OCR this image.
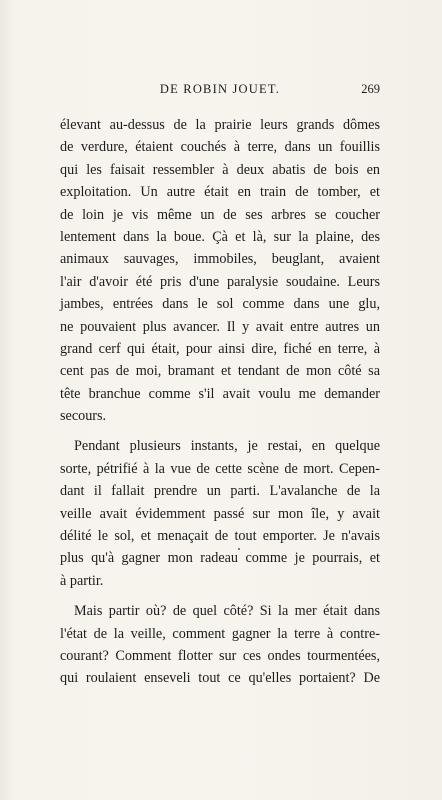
DE ROBIN JOUET.	269
élevant au-dessus de la prairie leurs grands dômes
de verdure, étaient couchés à terre, dans un fouillis
qui les faisait ressembler à deux abatis de bois en
exploitation. Un autre était en train de tomber, et
de loin je vis même un de ses arbres se coucher
lentement dans la boue. Çà et là, sur la plaine, des
animaux sauvages, immobiles, beuglant, avaient
l'air d'avoir été pris d'une paralysie soudaine. Leurs
jambes, entrées dans le sol comme dans une glu,
ne pouvaient plus avancer. Il y avait entre autres un
grand cerf qui était, pour ainsi dire, fiché en terre, à
cent pas de moi, bramant et tendant de mon côté sa
tête branchue comme s'il avait voulu me demander
secours.
Pendant plusieurs instants, je restai, en quelque
sorte, pétrifié à la vue de cette scène de mort. Cepen-
dant il fallait prendre un parti. L'avalanche de la
veille avait évidemment passé sur mon île, y avait
délité le sol, et menaçait de tout emporter. Je n'avais
plus qu'à gagner mon radeau comme je pourrais, et
à partir.
Mais partir où? de quel côté? Si la mer était dans
l'état de la veille, comment gagner la terre à contre-
courant? Comment flotter sur ces ondes tourmentées,
qui roulaient enseveli tout ce qu'elles portaient? De
